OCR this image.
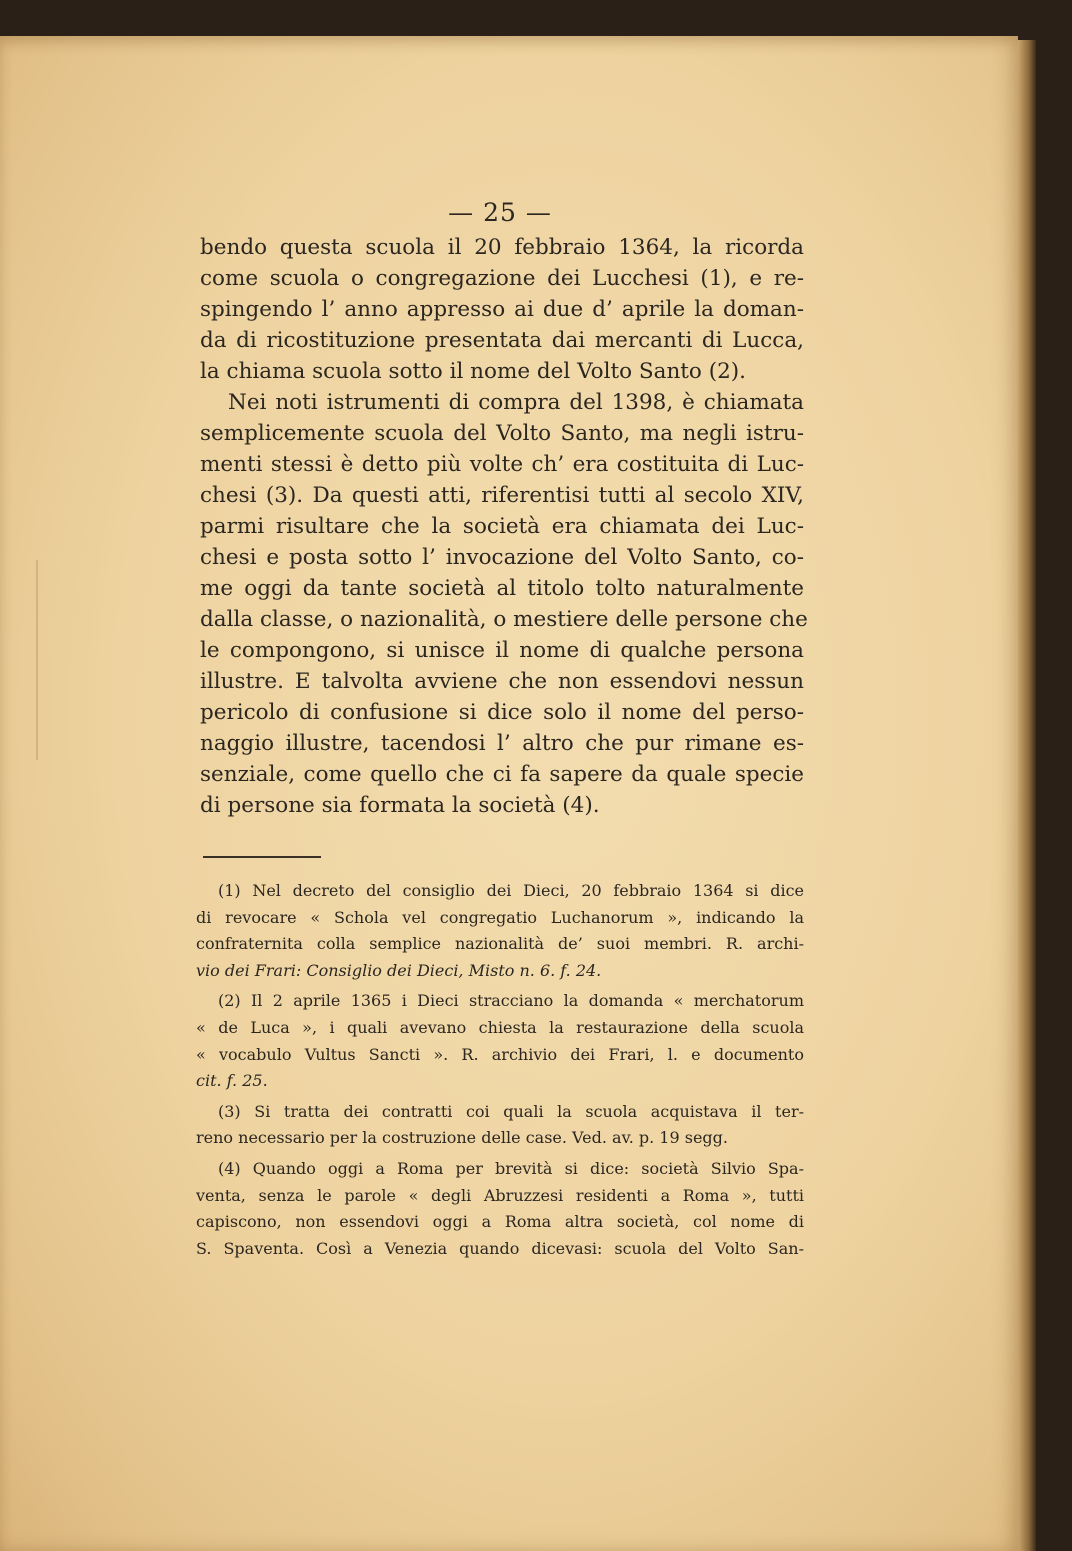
— 25 —
bendo questa scuola il 20 febbraio 1364, la ricorda
come scuola o congregazione dei Lucchesi (1), e re-
spingendo l’ anno appresso ai due d’ aprile la doman-
da di ricostituzione presentata dai mercanti di Lucca,
la chiama scuola sotto il nome del Volto Santo (2).
Nei noti istrumenti di compra del 1398, è chiamata
semplicemente scuola del Volto Santo, ma negli istru-
menti stessi è detto più volte ch’ era costituita di Luc-
chesi (3). Da questi atti, riferentisi tutti al secolo XIV,
parmi risultare che la società era chiamata dei Luc-
chesi e posta sotto l’ invocazione del Volto Santo, co-
me oggi da tante società al titolo tolto naturalmente
dalla classe, o nazionalità, o mestiere delle persone che
le compongono, si unisce il nome di qualche persona
illustre. E talvolta avviene che non essendovi nessun
pericolo di confusione si dice solo il nome del perso-
naggio illustre, tacendosi l’ altro che pur rimane es-
senziale, come quello che ci fa sapere da quale specie
di persone sia formata la società (4).
(1) Nel decreto del consiglio dei Dieci, 20 febbraio 1364 si dice
di revocare « Schola vel congregatio Luchanorum », indicando la
confraternita colla semplice nazionalità de’ suoi membri. R. archi-
vio dei Frari: Consiglio dei Dieci, Misto n. 6. f. 24.
(2) Il 2 aprile 1365 i Dieci stracciano la domanda « merchatorum
« de Luca », i quali avevano chiesta la restaurazione della scuola
« vocabulo Vultus Sancti ». R. archivio dei Frari, l. e documento
cit. f. 25.
(3) Si tratta dei contratti coi quali la scuola acquistava il ter-
reno necessario per la costruzione delle case. Ved. av. p. 19 segg.
(4) Quando oggi a Roma per brevità si dice: società Silvio Spa-
venta, senza le parole « degli Abruzzesi residenti a Roma », tutti
capiscono, non essendovi oggi a Roma altra società, col nome di
S. Spaventa. Così a Venezia quando dicevasi: scuola del Volto San-
